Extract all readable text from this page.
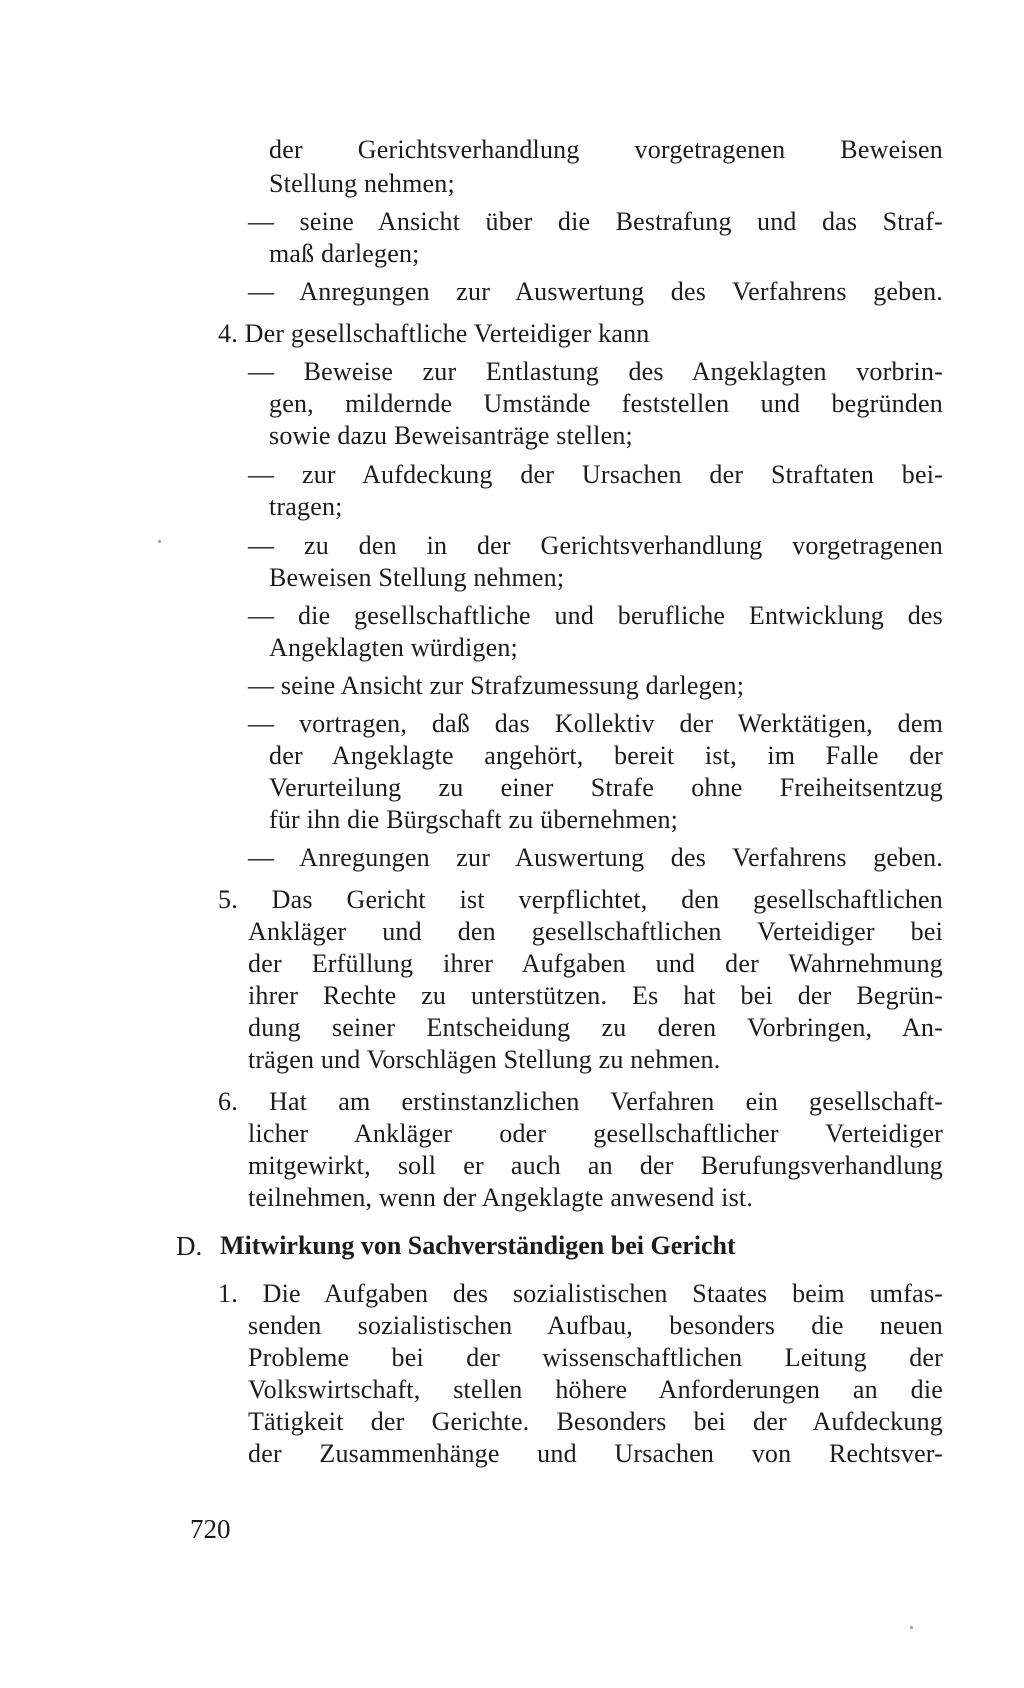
der Gerichtsverhandlung vorgetragenen Beweisen
Stellung nehmen;
— seine Ansicht über die Bestrafung und das Straf-
maß darlegen;
— Anregungen zur Auswertung des Verfahrens geben.
4. Der gesellschaftliche Verteidiger kann
— Beweise zur Entlastung des Angeklagten vorbrin-
gen, mildernde Umstände feststellen und begründen
sowie dazu Beweisanträge stellen;
— zur Aufdeckung der Ursachen der Straftaten bei-
tragen;
— zu den in der Gerichtsverhandlung vorgetragenen
Beweisen Stellung nehmen;
— die gesellschaftliche und berufliche Entwicklung des
Angeklagten würdigen;
— seine Ansicht zur Strafzumessung darlegen;
— vortragen, daß das Kollektiv der Werktätigen, dem
der Angeklagte angehört, bereit ist, im Falle der
Verurteilung zu einer Strafe ohne Freiheitsentzug
für ihn die Bürgschaft zu übernehmen;
— Anregungen zur Auswertung des Verfahrens geben.
5. Das Gericht ist verpflichtet, den gesellschaftlichen
Ankläger und den gesellschaftlichen Verteidiger bei
der Erfüllung ihrer Aufgaben und der Wahrnehmung
ihrer Rechte zu unterstützen. Es hat bei der Begrün-
dung seiner Entscheidung zu deren Vorbringen, An-
trägen und Vorschlägen Stellung zu nehmen.
6. Hat am erstinstanzlichen Verfahren ein gesellschaft-
licher Ankläger oder gesellschaftlicher Verteidiger
mitgewirkt, soll er auch an der Berufungsverhandlung
teilnehmen, wenn der Angeklagte anwesend ist.
D. Mitwirkung von Sachverständigen bei Gericht
1. Die Aufgaben des sozialistischen Staates beim umfas-
senden sozialistischen Aufbau, besonders die neuen
Probleme bei der wissenschaftlichen Leitung der
Volkswirtschaft, stellen höhere Anforderungen an die
Tätigkeit der Gerichte. Besonders bei der Aufdeckung
der Zusammenhänge und Ursachen von Rechtsver-
720
